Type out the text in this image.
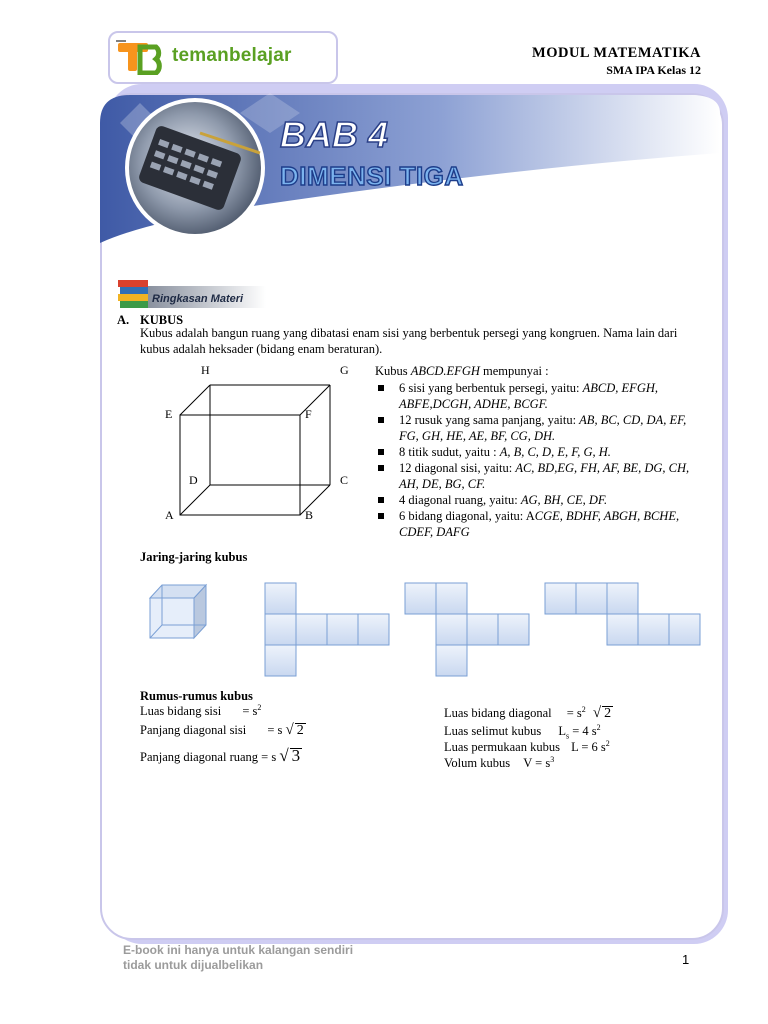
temanbelajar	MODUL MATEMATIKA
SMA IPA Kelas 12
BAB 4
DIMENSI TIGA
Ringkasan Materi
A. KUBUS
Kubus adalah bangun ruang yang dibatasi enam sisi yang berbentuk persegi yang kongruen. Nama lain dari kubus adalah heksader (bidang enam beraturan).
H	G
E	F
D	C
A	B
Kubus ABCD.EFGH mempunyai :
6 sisi yang berbentuk persegi, yaitu: ABCD, EFGH, ABFE,DCGH, ADHE, BCGF.
12 rusuk yang sama panjang, yaitu: AB, BC, CD, DA, EF, FG, GH, HE, AE, BF, CG, DH.
8 titik sudut, yaitu : A, B, C, D, E, F, G, H.
12 diagonal sisi, yaitu: AC, BD,EG, FH, AF, BE, DG, CH, AH, DE, BG, CF.
4 diagonal ruang, yaitu: AG, BH, CE, DF.
6 bidang diagonal, yaitu: ACGE, BDHF, ABGH, BCHE, CDEF, DAFG
Jaring-jaring kubus
Rumus-rumus kubus
Luas bidang sisi = $s^2$
Panjang diagonal sisi = s √ 2
Panjang diagonal ruang = s √ 3
Luas bidang diagonal = $s^2$ √ 2
Luas selimut kubus $L_s = 4$ $s^2$
Luas permukaan kubus L = 6 $s^2$
Volum kubus $V = s^3$
E-book ini hanya untuk kalangan sendiri
tidak untuk dijualbelikan	1
